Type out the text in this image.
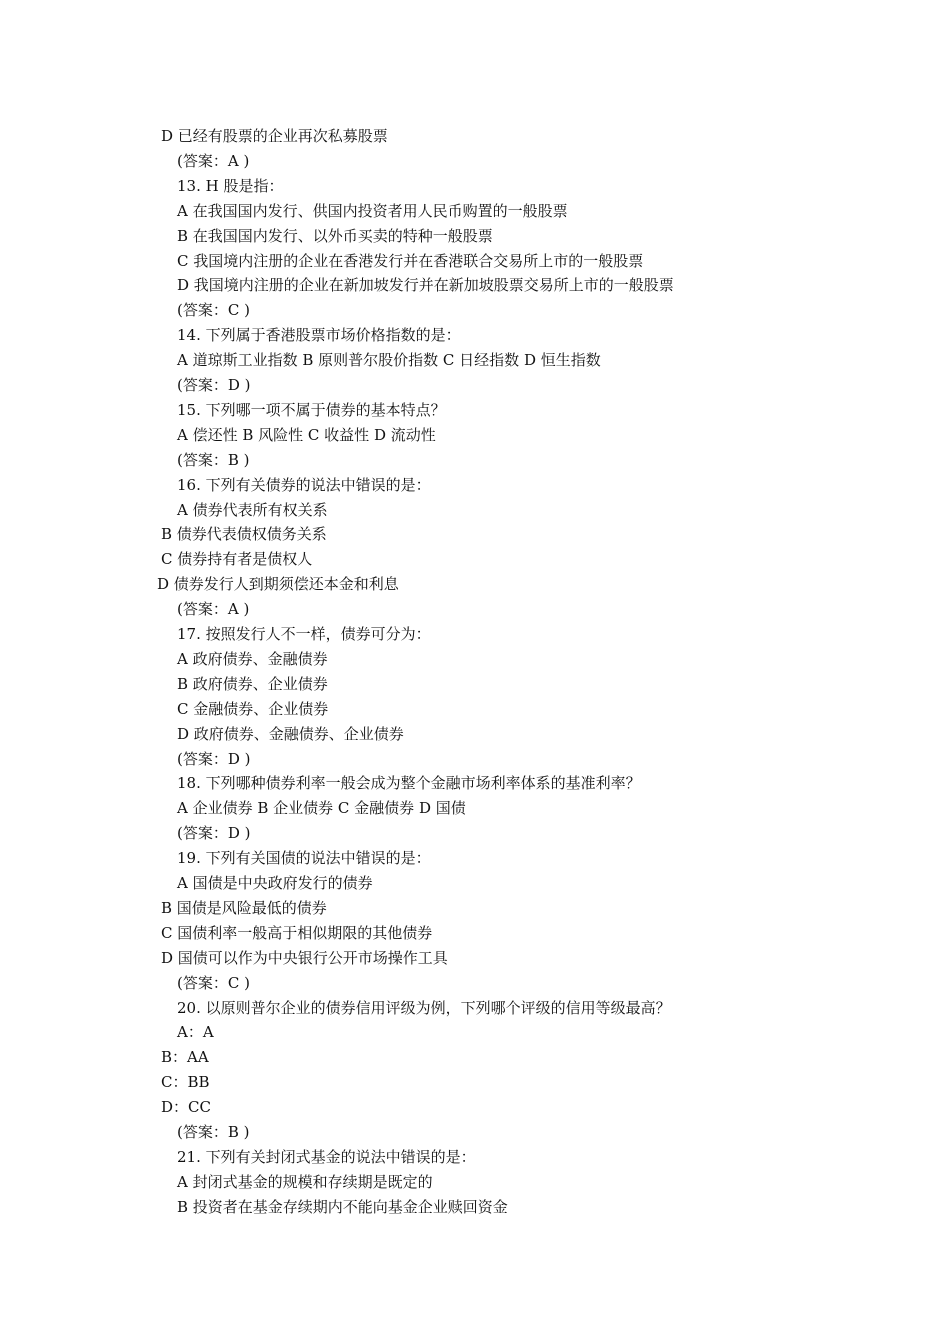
D 已经有股票的企业再次私募股票
(答案：A )
13. H 股是指：
A 在我国国内发行、供国内投资者用人民币购置的一般股票
B 在我国国内发行、以外币买卖的特种一般股票
C 我国境内注册的企业在香港发行并在香港联合交易所上市的一般股票
D 我国境内注册的企业在新加坡发行并在新加坡股票交易所上市的一般股票
(答案：C )
14. 下列属于香港股票市场价格指数的是：
A 道琼斯工业指数 B 原则普尔股价指数 C 日经指数 D 恒生指数
(答案：D )
15. 下列哪一项不属于债券的基本特点？
A 偿还性 B 风险性 C 收益性 D 流动性
(答案：B )
16. 下列有关债券的说法中错误的是：
A 债券代表所有权关系
B 债券代表债权债务关系
C 债券持有者是债权人
D 债券发行人到期须偿还本金和利息
(答案：A )
17. 按照发行人不一样，债券可分为：
A 政府债券、金融债券
B 政府债券、企业债券
C 金融债券、企业债券
D 政府债券、金融债券、企业债券
(答案：D )
18. 下列哪种债券利率一般会成为整个金融市场利率体系的基准利率？
A 企业债券 B 企业债券 C 金融债券 D 国债
(答案：D )
19. 下列有关国债的说法中错误的是：
A 国债是中央政府发行的债券
B 国债是风险最低的债券
C 国债利率一般高于相似期限的其他债券
D 国债可以作为中央银行公开市场操作工具
(答案：C )
20. 以原则普尔企业的债券信用评级为例，下列哪个评级的信用等级最高？
A：A
B：AA
C：BB
D：CC
(答案：B )
21. 下列有关封闭式基金的说法中错误的是：
A 封闭式基金的规模和存续期是既定的
B 投资者在基金存续期内不能向基金企业赎回资金
